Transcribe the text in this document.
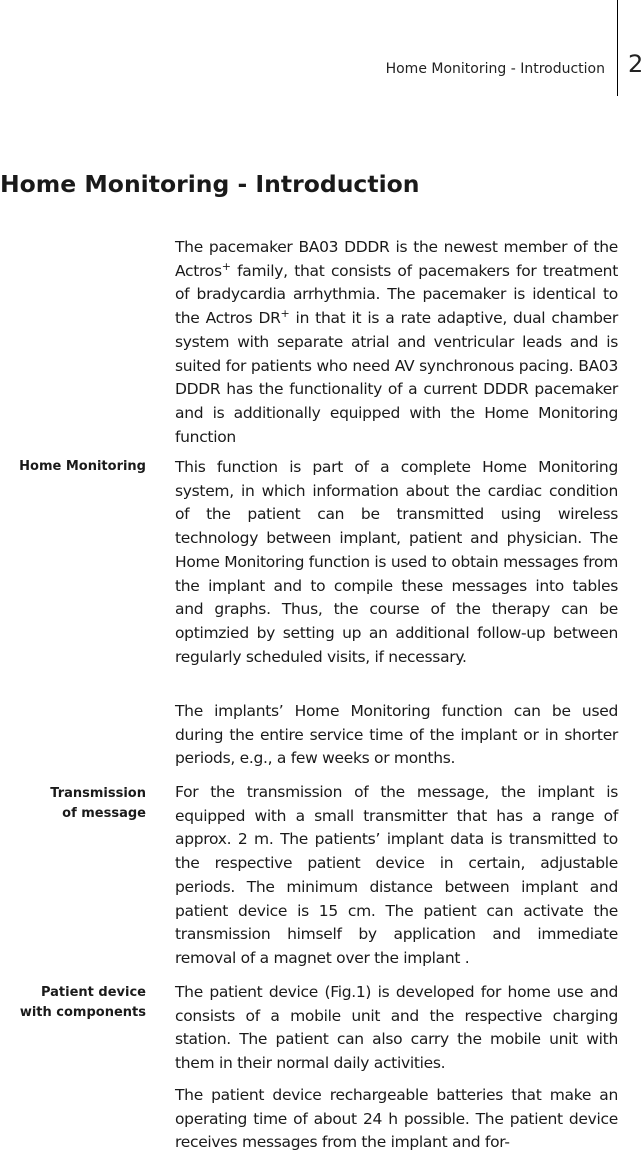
Home Monitoring - Introduction 2
Home Monitoring - Introduction

The pacemaker BA03 DDDR is the newest member of the Actros+ family, that consists of pacemakers for treatment of bradycardia arrhythmia. The pacemaker is identical to the Actros DR+ in that it is a rate adaptive, dual chamber system with separate atrial and ventricular leads and is suited for patients who need AV synchronous pacing. BA03 DDDR has the functionality of a current DDDR pacemaker and is additionally equipped with the Home Monitoring function

Home Monitoring This function is part of a complete Home Monitoring system, in which information about the cardiac condition of the patient can be transmitted using wireless technology between implant, patient and physician. The Home Monitoring function is used to obtain messages from the implant and to compile these messages into tables and graphs. Thus, the course of the therapy can be optimzied by setting up an additional follow-up between regularly scheduled visits, if necessary.

The implants’ Home Monitoring function can be used during the entire service time of the implant or in shorter periods, e.g., a few weeks or months.

Transmission
of message

For the transmission of the message, the implant is equipped with a small transmitter that has a range of approx. 2 m. The patients’ implant data is transmitted to the respective patient device in certain, adjustable periods. The minimum distance between implant and patient device is 15 cm. The patient can activate the transmission himself by application and immediate removal of a magnet over the implant .

Patient device
with components

The patient device (Fig.1) is developed for home use and consists of a mobile unit and the respective charging station. The patient can also carry the mobile unit with them in their normal daily activities.

The patient device rechargeable batteries that make an operating time of about 24 h possible. The patient device receives messages from the implant and for-
